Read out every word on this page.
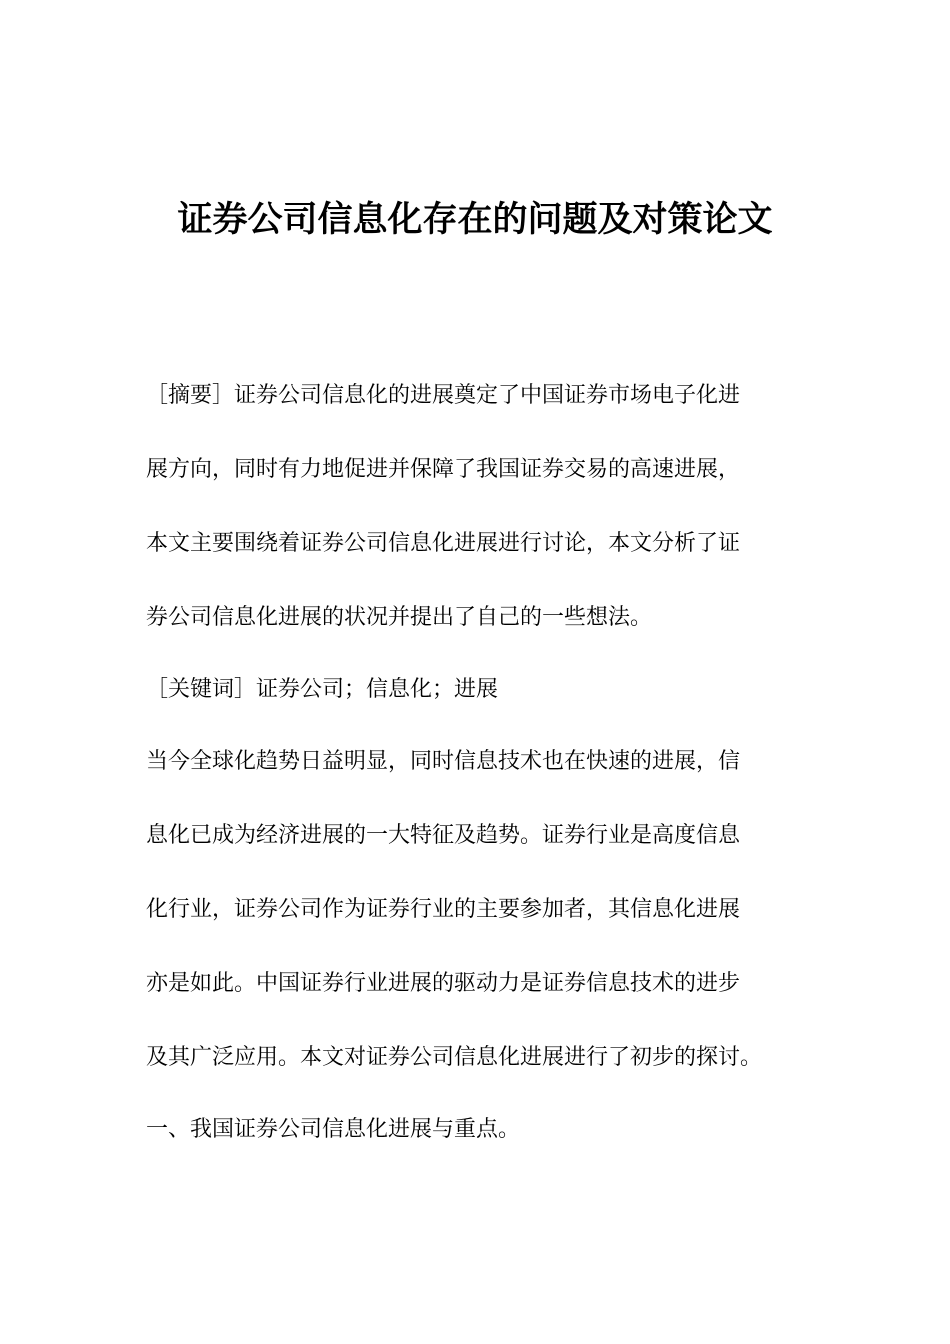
证券公司信息化存在的问题及对策论文

［摘要］证券公司信息化的进展奠定了中国证券市场电子化进

展方向，同时有力地促进并保障了我国证券交易的高速进展，

本文主要围绕着证券公司信息化进展进行讨论，本文分析了证

券公司信息化进展的状况并提出了自己的一些想法。

［关键词］证券公司；信息化；进展

当今全球化趋势日益明显，同时信息技术也在快速的进展，信

息化已成为经济进展的一大特征及趋势。证券行业是高度信息

化行业，证券公司作为证券行业的主要参加者，其信息化进展

亦是如此。中国证券行业进展的驱动力是证券信息技术的进步

及其广泛应用。本文对证券公司信息化进展进行了初步的探讨。

一、我国证券公司信息化进展与重点。
